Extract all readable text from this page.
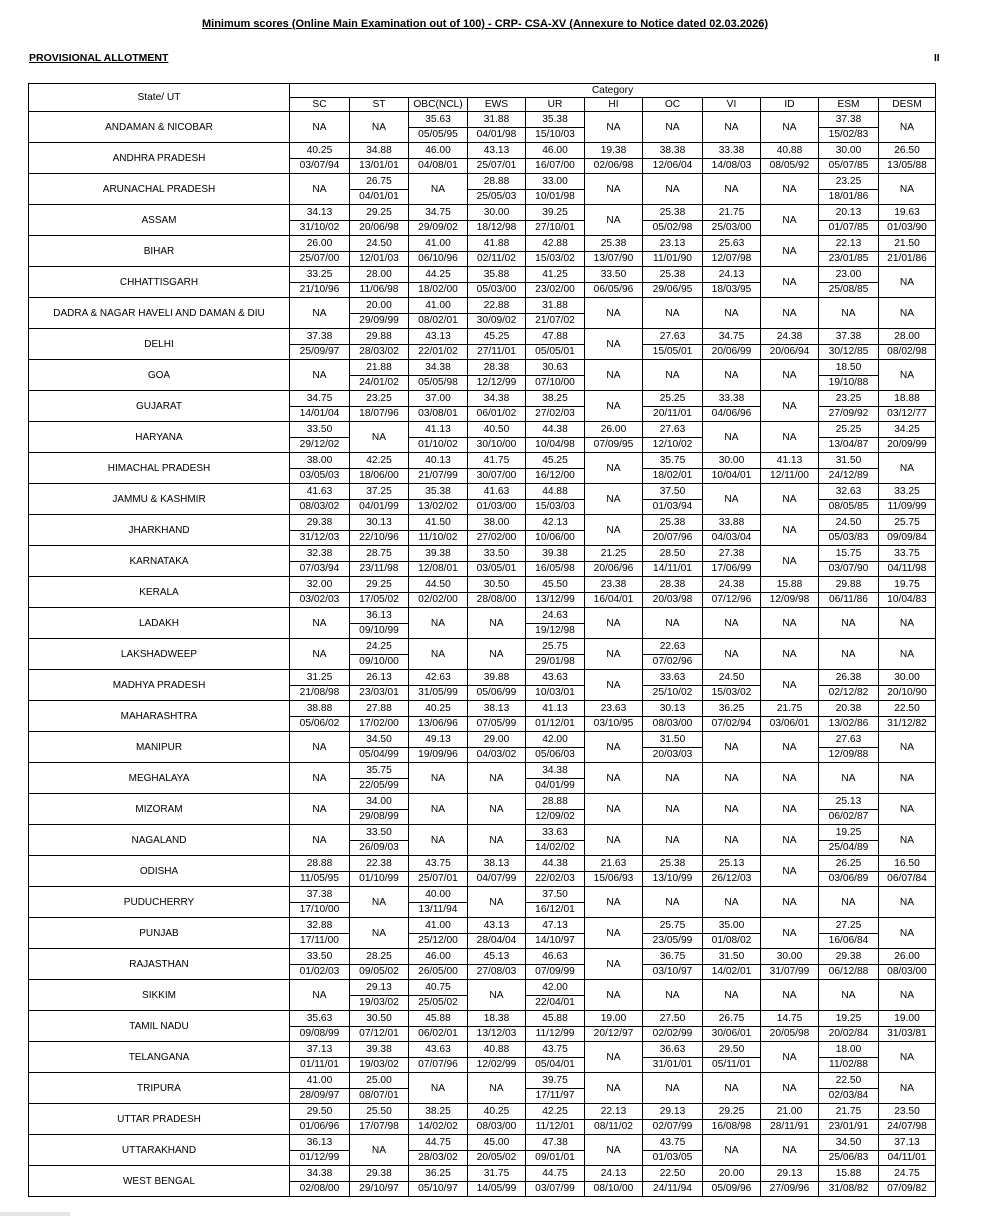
Minimum scores (Online Main Examination out of 100) - CRP- CSA-XV (Annexure to Notice dated 02.03.2026)
PROVISIONAL ALLOTMENT	II
State/ UT	Category										
	SC	ST	OBC(NCL)	EWS	UR	HI	OC	VI	ID	ESM	DESM
ANDAMAN & NICOBAR	NA	NA	35.63	31.88	35.38	NA	NA	NA	NA	37.38	NA
			05/05/95	04/01/98	15/10/03					15/02/83	
ANDHRA PRADESH	40.25	34.88	46.00	43.13	46.00	19.38	38.38	33.38	40.88	30.00	26.50
	03/07/94	13/01/01	04/08/01	25/07/01	16/07/00	02/06/98	12/06/04	14/08/03	08/05/92	05/07/85	13/05/88
ARUNACHAL PRADESH	NA	26.75	NA	28.88	33.00	NA	NA	NA	NA	23.25	NA
		04/01/01		25/05/03	10/01/98					18/01/86	
ASSAM	34.13	29.25	34.75	30.00	39.25	NA	25.38	21.75	NA	20.13	19.63
	31/10/02	20/06/98	29/09/02	18/12/98	27/10/01		05/02/98	25/03/00		01/07/85	01/03/90
BIHAR	26.00	24.50	41.00	41.88	42.88	25.38	23.13	25.63	NA	22.13	21.50
	25/07/00	12/01/03	06/10/96	02/11/02	15/03/02	13/07/90	11/01/90	12/07/98		23/01/85	21/01/86
CHHATTISGARH	33.25	28.00	44.25	35.88	41.25	33.50	25.38	24.13	NA	23.00	NA
	21/10/96	11/06/98	18/02/00	05/03/00	23/02/00	06/05/96	29/06/95	18/03/95		25/08/85	
DADRA & NAGAR HAVELI AND DAMAN & DIU	NA	20.00	41.00	22.88	31.88	NA	NA	NA	NA	NA	NA
		29/09/99	08/02/01	30/09/02	21/07/02						
DELHI	37.38	29.88	43.13	45.25	47.88	NA	27.63	34.75	24.38	37.38	28.00
	25/09/97	28/03/02	22/01/02	27/11/01	05/05/01		15/05/01	20/06/99	20/06/94	30/12/85	08/02/98
GOA	NA	21.88	34.38	28.38	30.63	NA	NA	NA	NA	18.50	NA
		24/01/02	05/05/98	12/12/99	07/10/00					19/10/88	
GUJARAT	34.75	23.25	37.00	34.38	38.25	NA	25.25	33.38	NA	23.25	18.88
	14/01/04	18/07/96	03/08/01	06/01/02	27/02/03		20/11/01	04/06/96		27/09/92	03/12/77
HARYANA	33.50	NA	41.13	40.50	44.38	26.00	27.63	NA	NA	25.25	34.25
	29/12/02		01/10/02	30/10/00	10/04/98	07/09/95	12/10/02			13/04/87	20/09/99
HIMACHAL PRADESH	38.00	42.25	40.13	41.75	45.25	NA	35.75	30.00	41.13	31.50	NA
	03/05/03	18/06/00	21/07/99	30/07/00	16/12/00		18/02/01	10/04/01	12/11/00	24/12/89	
JAMMU & KASHMIR	41.63	37.25	35.38	41.63	44.88	NA	37.50	NA	NA	32.63	33.25
	08/03/02	04/01/99	13/02/02	01/03/00	15/03/03		01/03/94			08/05/85	11/09/99
JHARKHAND	29.38	30.13	41.50	38.00	42.13	NA	25.38	33.88	NA	24.50	25.75
	31/12/03	22/10/96	11/10/02	27/02/00	10/06/00		20/07/96	04/03/04		05/03/83	09/09/84
KARNATAKA	32.38	28.75	39.38	33.50	39.38	21.25	28.50	27.38	NA	15.75	33.75
	07/03/94	23/11/98	12/08/01	03/05/01	16/05/98	20/06/96	14/11/01	17/06/99		03/07/90	04/11/98
KERALA	32.00	29.25	44.50	30.50	45.50	23.38	28.38	24.38	15.88	29.88	19.75
	03/02/03	17/05/02	02/02/00	28/08/00	13/12/99	16/04/01	20/03/98	07/12/96	12/09/98	06/11/86	10/04/83
LADAKH	NA	36.13	NA	NA	24.63	NA	NA	NA	NA	NA	NA
		09/10/99			19/12/98						
LAKSHADWEEP	NA	24.25	NA	NA	25.75	NA	22.63	NA	NA	NA	NA
		09/10/00			29/01/98		07/02/96				
MADHYA PRADESH	31.25	26.13	42.63	39.88	43.63	NA	33.63	24.50	NA	26.38	30.00
	21/08/98	23/03/01	31/05/99	05/06/99	10/03/01		25/10/02	15/03/02		02/12/82	20/10/90
MAHARASHTRA	38.88	27.88	40.25	38.13	41.13	23.63	30.13	36.25	21.75	20.38	22.50
	05/06/02	17/02/00	13/06/96	07/05/99	01/12/01	03/10/95	08/03/00	07/02/94	03/06/01	13/02/86	31/12/82
MANIPUR	NA	34.50	49.13	29.00	42.00	NA	31.50	NA	NA	27.63	NA
		05/04/99	19/09/96	04/03/02	05/06/03		20/03/03			12/09/88	
MEGHALAYA	NA	35.75	NA	NA	34.38	NA	NA	NA	NA	NA	NA
		22/05/99			04/01/99						
MIZORAM	NA	34.00	NA	NA	28.88	NA	NA	NA	NA	25.13	NA
		29/08/99			12/09/02					06/02/87	
NAGALAND	NA	33.50	NA	NA	33.63	NA	NA	NA	NA	19.25	NA
		26/09/03			14/02/02					25/04/89	
ODISHA	28.88	22.38	43.75	38.13	44.38	21.63	25.38	25.13	NA	26.25	16.50
	11/05/95	01/10/99	25/07/01	04/07/99	22/02/03	15/06/93	13/10/99	26/12/03		03/06/89	06/07/84
PUDUCHERRY	37.38	NA	40.00	NA	37.50	NA	NA	NA	NA	NA	NA
	17/10/00		13/11/94		16/12/01						
PUNJAB	32.88	NA	41.00	43.13	47.13	NA	25.75	35.00	NA	27.25	NA
	17/11/00		25/12/00	28/04/04	14/10/97		23/05/99	01/08/02		16/06/84	
RAJASTHAN	33.50	28.25	46.00	45.13	46.63	NA	36.75	31.50	30.00	29.38	26.00
	01/02/03	09/05/02	26/05/00	27/08/03	07/09/99		03/10/97	14/02/01	31/07/99	06/12/88	08/03/00
SIKKIM	NA	29.13	40.75	NA	42.00	NA	NA	NA	NA	NA	NA
		19/03/02	25/05/02		22/04/01						
TAMIL NADU	35.63	30.50	45.88	18.38	45.88	19.00	27.50	26.75	14.75	19.25	19.00
	09/08/99	07/12/01	06/02/01	13/12/03	11/12/99	20/12/97	02/02/99	30/06/01	20/05/98	20/02/84	31/03/81
TELANGANA	37.13	39.38	43.63	40.88	43.75	NA	36.63	29.50	NA	18.00	NA
	01/11/01	19/03/02	07/07/96	12/02/99	05/04/01		31/01/01	05/11/01		11/02/88	
TRIPURA	41.00	25.00	NA	NA	39.75	NA	NA	NA	NA	22.50	NA
	28/09/97	08/07/01			17/11/97					02/03/84	
UTTAR PRADESH	29.50	25.50	38.25	40.25	42.25	22.13	29.13	29.25	21.00	21.75	23.50
	01/06/96	17/07/98	14/02/02	08/03/00	11/12/01	08/11/02	02/07/99	16/08/98	28/11/91	23/01/91	24/07/98
UTTARAKHAND	36.13	NA	44.75	45.00	47.38	NA	43.75	NA	NA	34.50	37.13
	01/12/99		28/03/02	20/05/02	09/01/01		01/03/05			25/06/83	04/11/01
WEST BENGAL	34.38	29.38	36.25	31.75	44.75	24.13	22.50	20.00	29.13	15.88	24.75
	02/08/00	29/10/97	05/10/97	14/05/99	03/07/99	08/10/00	24/11/94	05/09/96	27/09/96	31/08/82	07/09/82
